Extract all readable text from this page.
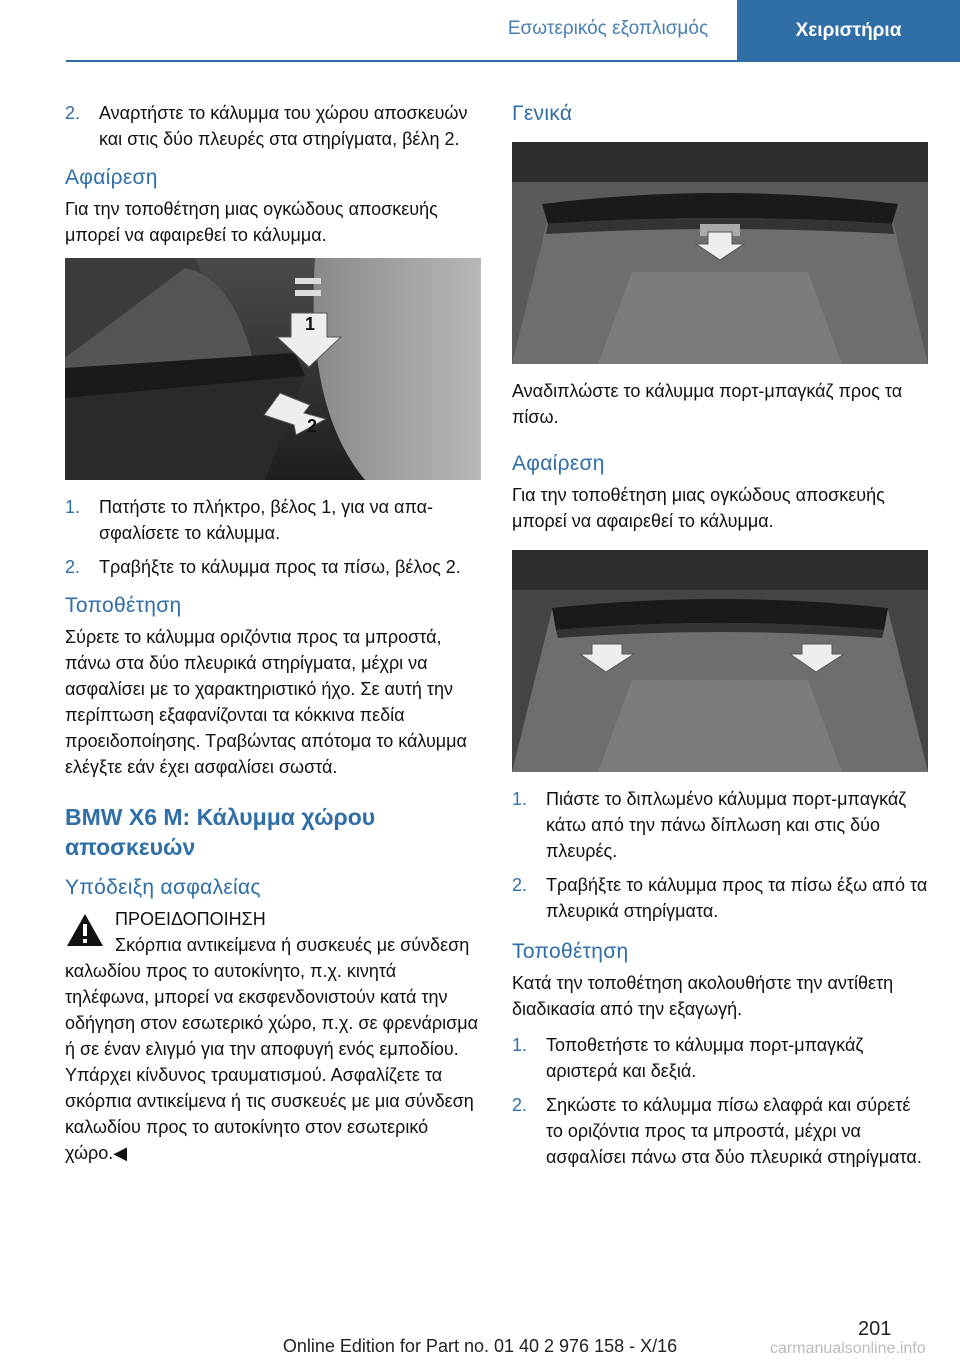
Εσωτερικός εξοπλισμός	Χειριστήρια
2. Αναρτήστε το κάλυμμα του χώρου αποσκευών και στις δύο πλευρές στα στηρίγματα, βέλη 2.
Αφαίρεση
Για την τοποθέτηση μιας ογκώδους αποσκευής μπορεί να αφαιρεθεί το κάλυμμα.
1
2
1. Πατήστε το πλήκτρο, βέλος 1, για να απασφαλίσετε το κάλυμμα.
2. Τραβήξτε το κάλυμμα προς τα πίσω, βέλος 2.
Τοποθέτηση
Σύρετε το κάλυμμα οριζόντια προς τα μπροστά, πάνω στα δύο πλευρικά στηρίγματα, μέχρι να ασφαλίσει με το χαρακτηριστικό ήχο. Σε αυτή την περίπτωση εξαφανίζονται τα κόκκινα πεδία προειδοποίησης. Τραβώντας απότομα το κάλυμμα ελέγξτε εάν έχει ασφαλίσει σωστά.
BMW X6 M: Κάλυμμα χώρου αποσκευών
Υπόδειξη ασφαλείας
ΠΡΟΕΙΔΟΠΟΙΗΣΗ
Σκόρπια αντικείμενα ή συσκευές με σύνδεση καλωδίου προς το αυτοκίνητο, π.χ. κινητά τηλέφωνα, μπορεί να εκσφενδονιστούν κατά την οδήγηση στον εσωτερικό χώρο, π.χ. σε φρενάρισμα ή σε έναν ελιγμό για την αποφυγή ενός εμποδίου. Υπάρχει κίνδυνος τραυματισμού. Ασφαλίζετε τα σκόρπια αντικείμενα ή τις συσκευές με μια σύνδεση καλωδίου προς το αυτοκίνητο στον εσωτερικό χώρο.◀
Γενικά
Αναδιπλώστε το κάλυμμα πορτ-μπαγκάζ προς τα πίσω.
Αφαίρεση
Για την τοποθέτηση μιας ογκώδους αποσκευής μπορεί να αφαιρεθεί το κάλυμμα.
1. Πιάστε το διπλωμένο κάλυμμα πορτ-μπαγκάζ κάτω από την πάνω δίπλωση και στις δύο πλευρές.
2. Τραβήξτε το κάλυμμα προς τα πίσω έξω από τα πλευρικά στηρίγματα.
Τοποθέτηση
Κατά την τοποθέτηση ακολουθήστε την αντίθετη διαδικασία από την εξαγωγή.
1. Τοποθετήστε το κάλυμμα πορτ-μπαγκάζ αριστερά και δεξιά.
2. Σηκώστε το κάλυμμα πίσω ελαφρά και σύρετέ το οριζόντια προς τα μπροστά, μέχρι να ασφαλίσει πάνω στα δύο πλευρικά στηρίγματα.
201
Online Edition for Part no. 01 40 2 976 158 - X/16	carmanualsonline.info
